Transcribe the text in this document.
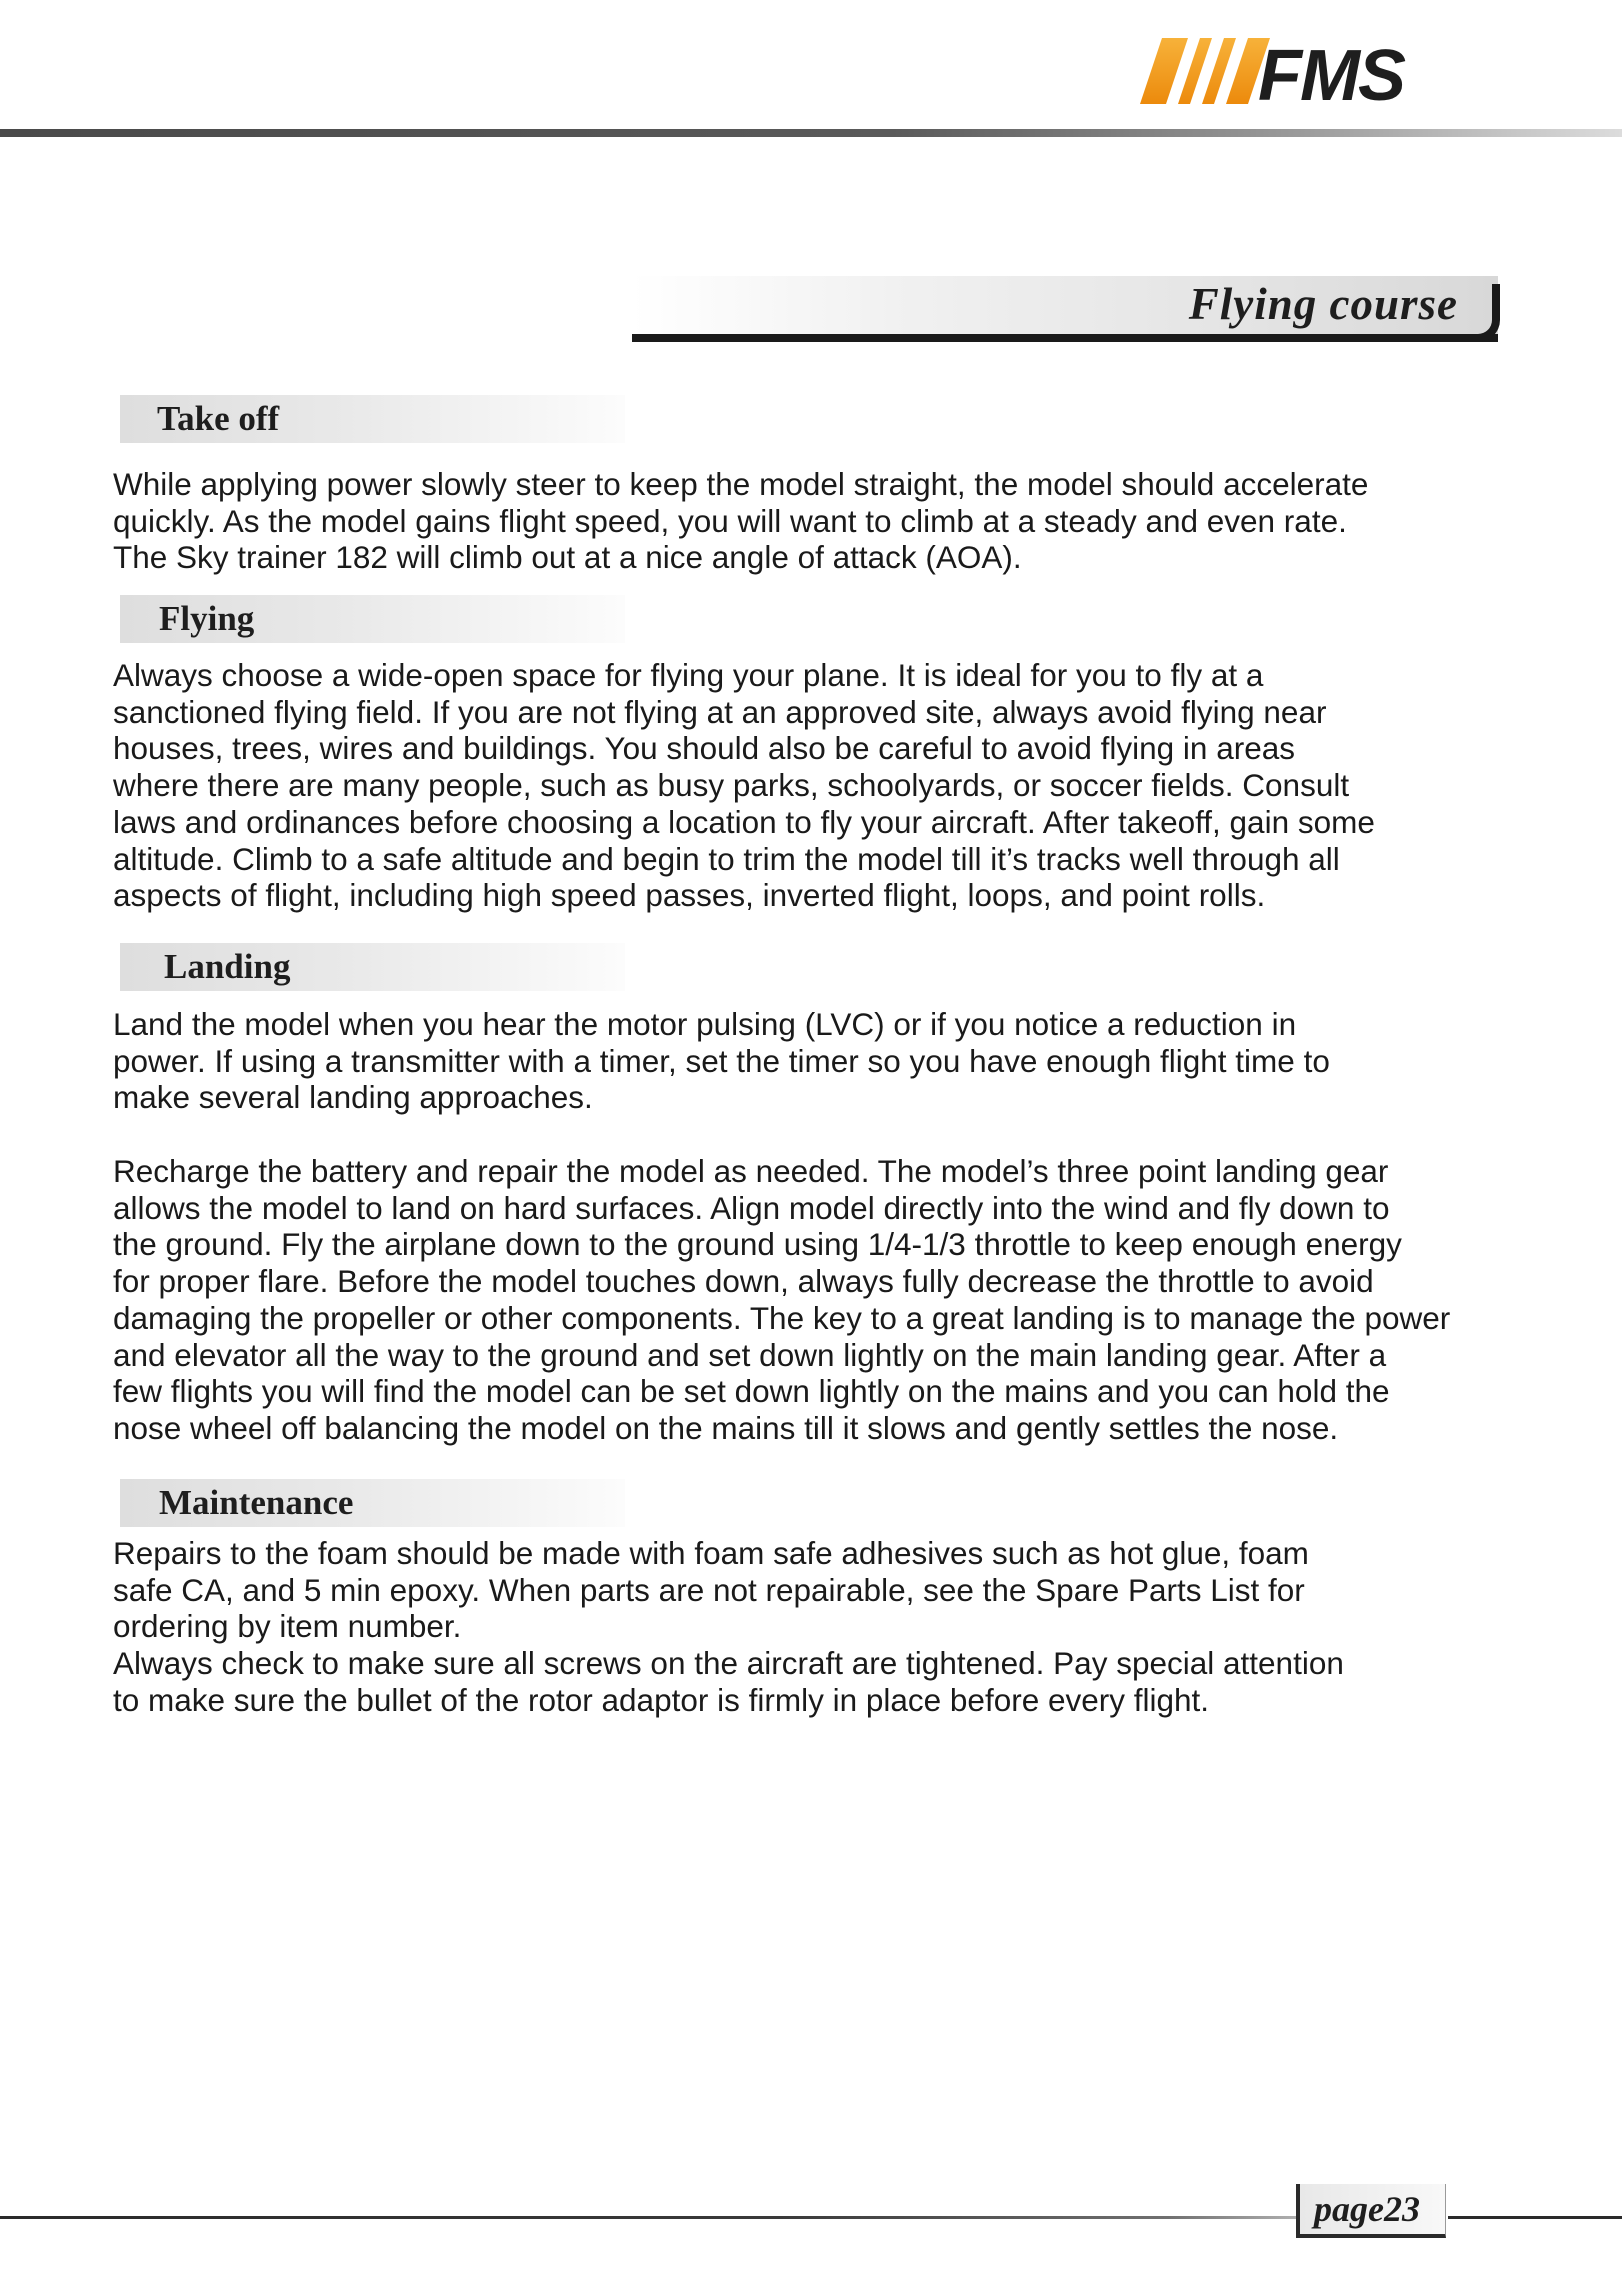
FMS
Flying course
Take off

While applying power slowly steer to keep the model straight, the model should accelerate
quickly. As the model gains flight speed, you will want to climb at a steady and even rate.
The Sky trainer 182 will climb out at a nice angle of attack (AOA).

Flying

Always choose a wide-open space for flying your plane. It is ideal for you to fly at a
sanctioned flying field. If you are not flying at an approved site, always avoid flying near
houses, trees, wires and buildings. You should also be careful to avoid flying in areas
where there are many people, such as busy parks, schoolyards, or soccer fields. Consult
laws and ordinances before choosing a location to fly your aircraft. After takeoff, gain some
altitude. Climb to a safe altitude and begin to trim the model till it’s tracks well through all
aspects of flight, including high speed passes, inverted flight, loops, and point rolls.

Landing

Land the model when you hear the motor pulsing (LVC) or if you notice a reduction in
power. If using a transmitter with a timer, set the timer so you have enough flight time to
make several landing approaches.

Recharge the battery and repair the model as needed. The model’s three point landing gear
allows the model to land on hard surfaces. Align model directly into the wind and fly down to
the ground. Fly the airplane down to the ground using 1/4-1/3 throttle to keep enough energy
for proper flare. Before the model touches down, always fully decrease the throttle to avoid
damaging the propeller or other components. The key to a great landing is to manage the power
and elevator all the way to the ground and set down lightly on the main landing gear. After a
few flights you will find the model can be set down lightly on the mains and you can hold the
nose wheel off balancing the model on the mains till it slows and gently settles the nose.

Maintenance

Repairs to the foam should be made with foam safe adhesives such as hot glue, foam
safe CA, and 5 min epoxy. When parts are not repairable, see the Spare Parts List for
ordering by item number.
Always check to make sure all screws on the aircraft are tightened. Pay special attention
to make sure the bullet of the rotor adaptor is firmly in place before every flight.

page23
